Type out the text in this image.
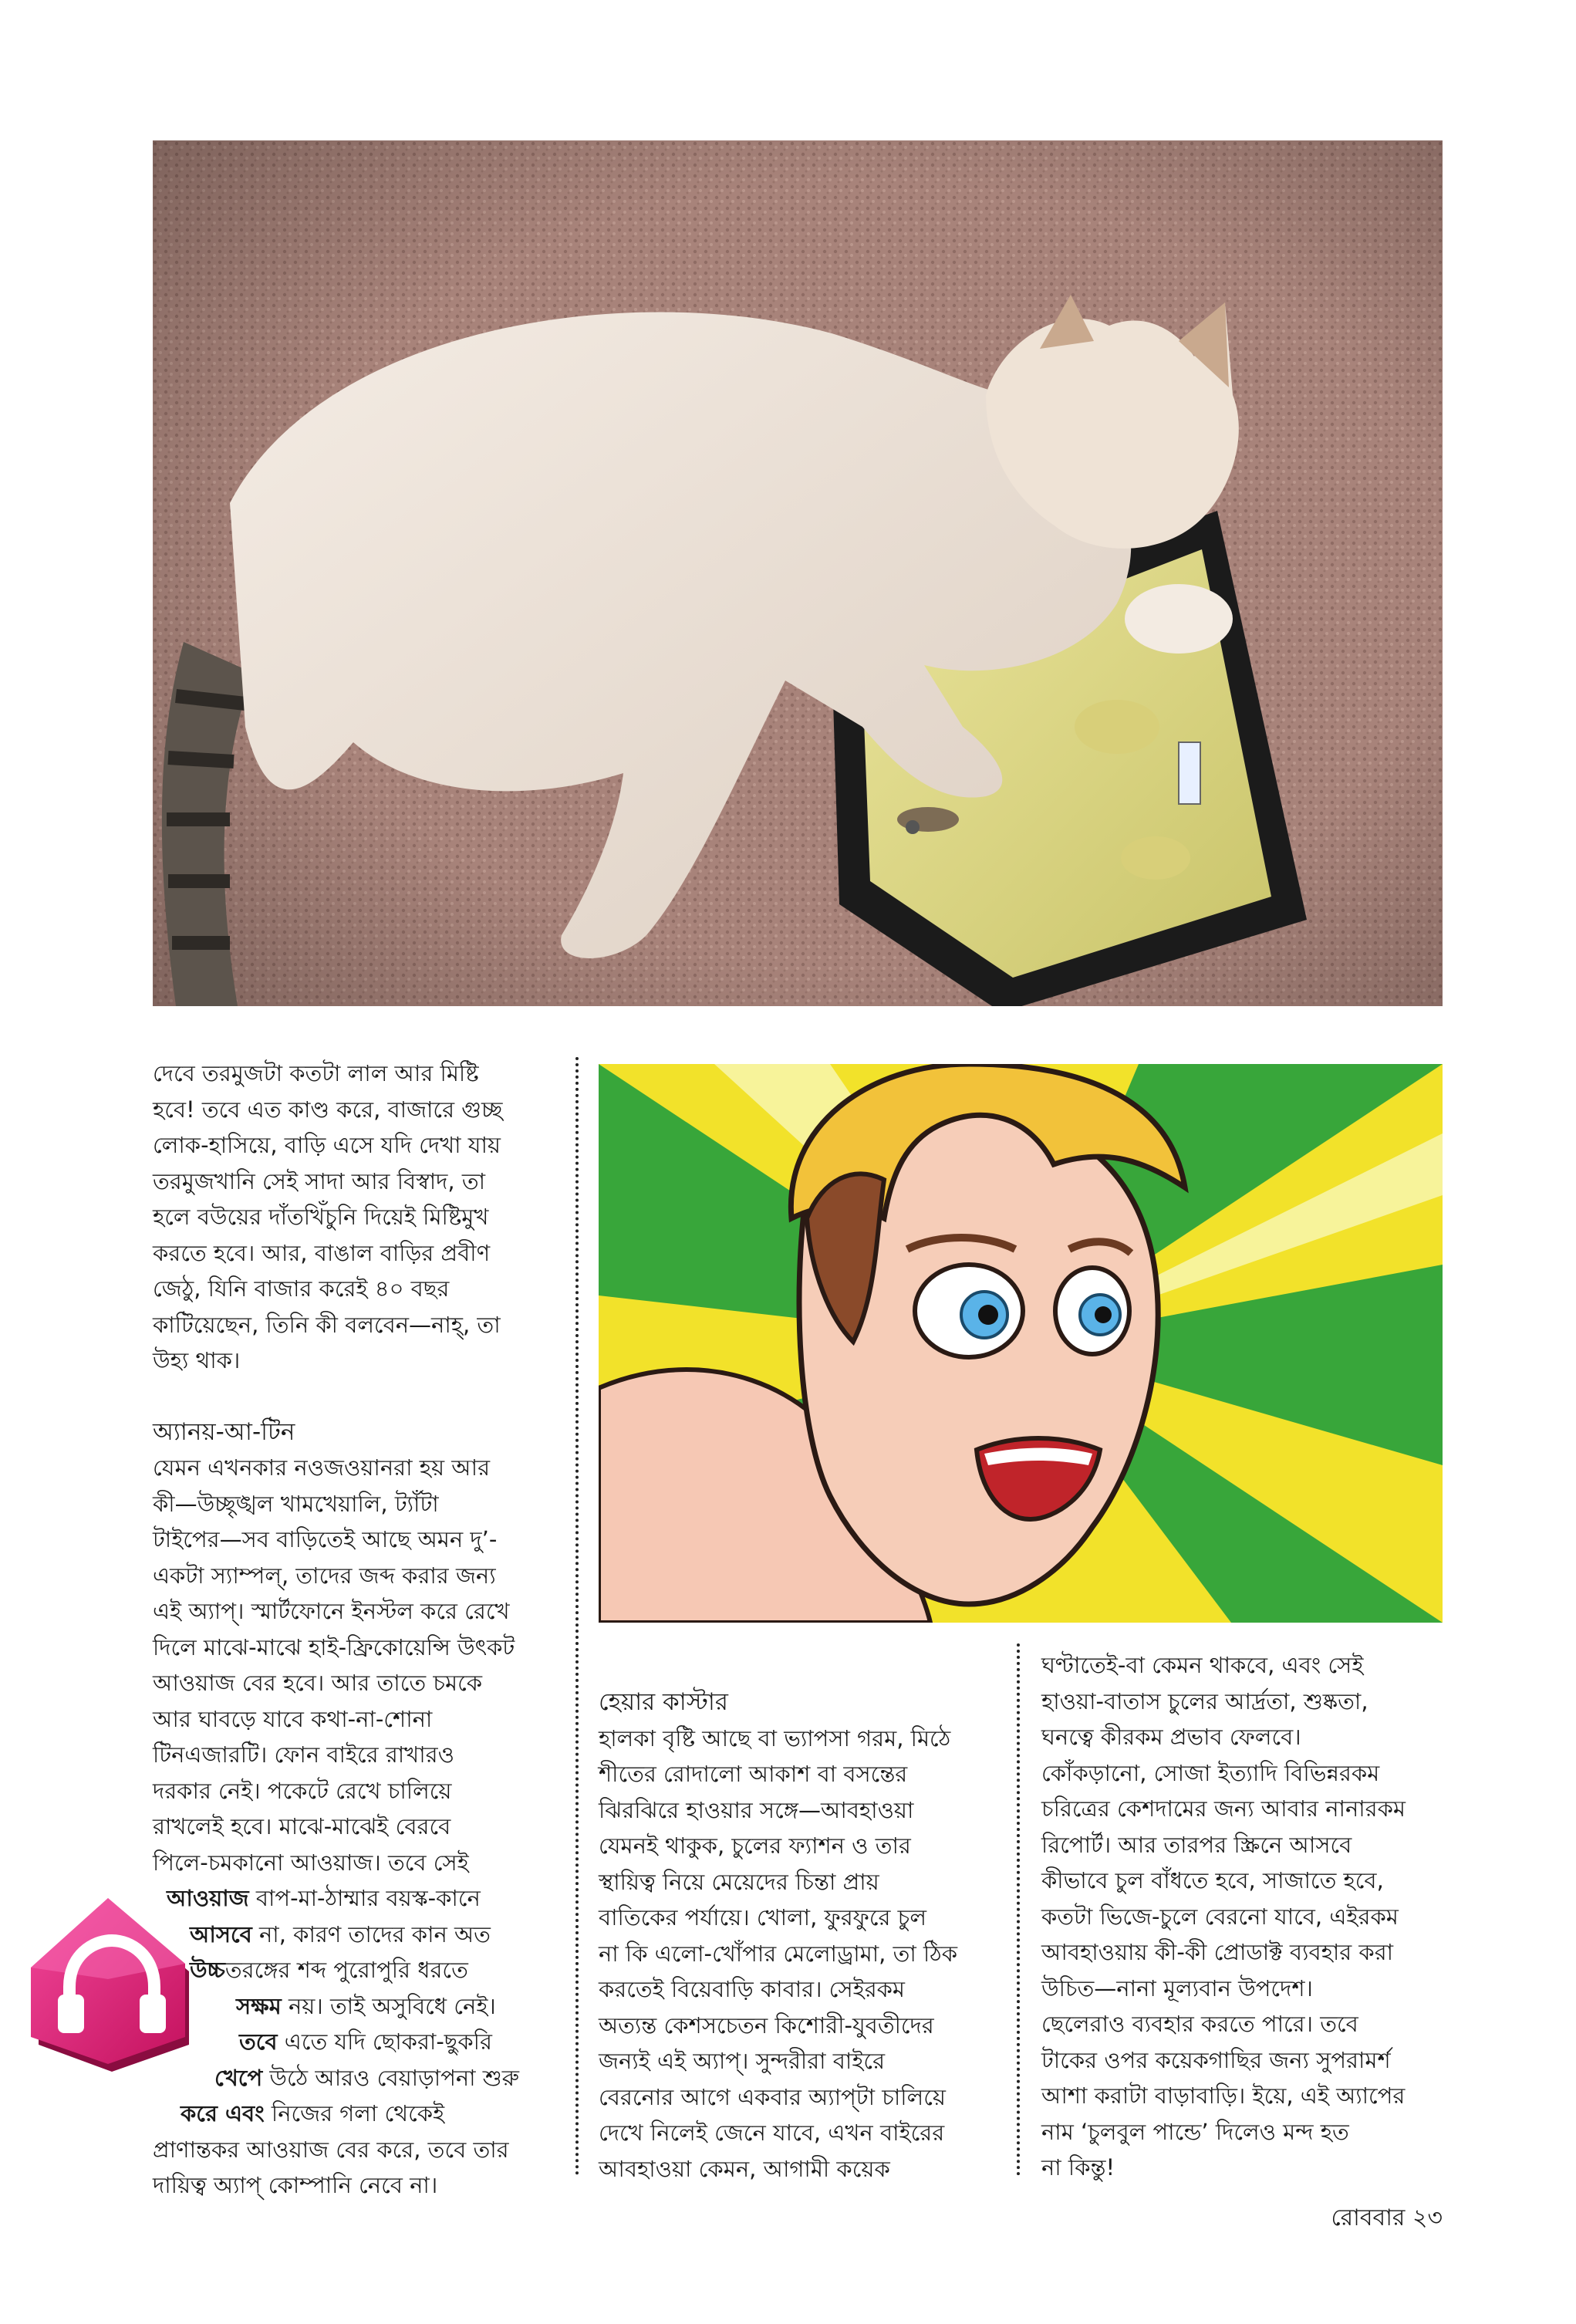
দেবে তরমুজটা কতটা লাল আর মিষ্টি

হবে! তবে এত কাণ্ড করে, বাজারে গুচ্ছ

লোক-হাসিয়ে, বাড়ি এসে যদি দেখা যায়

তরমুজখানি সেই সাদা আর বিস্বাদ, তা

হলে বউয়ের দাঁতখিঁচুনি দিয়েই মিষ্টিমুখ

করতে হবে। আর, বাঙাল বাড়ির প্রবীণ

জেঠু, যিনি বাজার করেই ৪০ বছর

কাটিয়েছেন, তিনি কী বলবেন—নাহ্, তা

উহ্য থাক।

অ্যানয়-আ-টিন

যেমন এখনকার নওজওয়ানরা হয় আর

কী—উচ্ছৃঙ্খল খামখেয়ালি, ট্যাঁটা

টাইপের—সব বাড়িতেই আছে অমন দু’-

একটা স্যাম্পল্, তাদের জব্দ করার জন্য

এই অ্যাপ্। স্মার্টফোনে ইনস্টল করে রেখে

দিলে মাঝে-মাঝে হাই-ফ্রিকোয়েন্সি উৎকট

আওয়াজ বের হবে। আর তাতে চমকে

আর ঘাবড়ে যাবে কথা-না-শোনা

টিনএজারটি। ফোন বাইরে রাখারও

দরকার নেই। পকেটে রেখে চালিয়ে

রাখলেই হবে। মাঝে-মাঝেই বেরবে

পিলে-চমকানো আওয়াজ। তবে সেই

আওয়াজ বাপ-মা-ঠাম্মার বয়স্ক-কানে

আসবে না, কারণ তাদের কান অত

উচ্চতরঙ্গের শব্দ পুরোপুরি ধরতে

সক্ষম নয়। তাই অসুবিধে নেই।

তবে এতে যদি ছোকরা-ছুকরি

খেপে উঠে আরও বেয়াড়াপনা শুরু

করে এবং নিজের গলা থেকেই

প্রাণান্তকর আওয়াজ বের করে, তবে তার

দায়িত্ব অ্যাপ্ কোম্পানি নেবে না।

হেয়ার কাস্টার

হালকা বৃষ্টি আছে বা ভ্যাপসা গরম, মিঠে

শীতের রোদালো আকাশ বা বসন্তের

ঝিরঝিরে হাওয়ার সঙ্গে—আবহাওয়া

যেমনই থাকুক, চুলের ফ্যাশন ও তার

স্থায়িত্ব নিয়ে মেয়েদের চিন্তা প্রায়

বাতিকের পর্যায়ে। খোলা, ফুরফুরে চুল

না কি এলো-খোঁপার মেলোড্রামা, তা ঠিক

করতেই বিয়েবাড়ি কাবার। সেইরকম

অত্যন্ত কেশসচেতন কিশোরী-যুবতীদের

জন্যই এই অ্যাপ্। সুন্দরীরা বাইরে

বেরনোর আগে একবার অ্যাপ্‌টা চালিয়ে

দেখে নিলেই জেনে যাবে, এখন বাইরের

আবহাওয়া কেমন, আগামী কয়েক

ঘণ্টাতেই-বা কেমন থাকবে, এবং সেই

হাওয়া-বাতাস চুলের আর্দ্রতা, শুষ্কতা,

ঘনত্বে কীরকম প্রভাব ফেলবে।

কোঁকড়ানো, সোজা ইত্যাদি বিভিন্নরকম

চরিত্রের কেশদামের জন্য আবার নানারকম

রিপোর্ট। আর তারপর স্ক্রিনে আসবে

কীভাবে চুল বাঁধতে হবে, সাজাতে হবে,

কতটা ভিজে-চুলে বেরনো যাবে, এইরকম

আবহাওয়ায় কী-কী প্রোডাক্ট ব্যবহার করা

উচিত—নানা মূল্যবান উপদেশ।

ছেলেরাও ব্যবহার করতে পারে। তবে

টাকের ওপর কয়েকগাছির জন্য সুপরামর্শ

আশা করাটা বাড়াবাড়ি। ইয়ে, এই অ্যাপের

নাম ‘চুলবুল পান্ডে’ দিলেও মন্দ হত

না কিন্তু!

রোববার ২৩
